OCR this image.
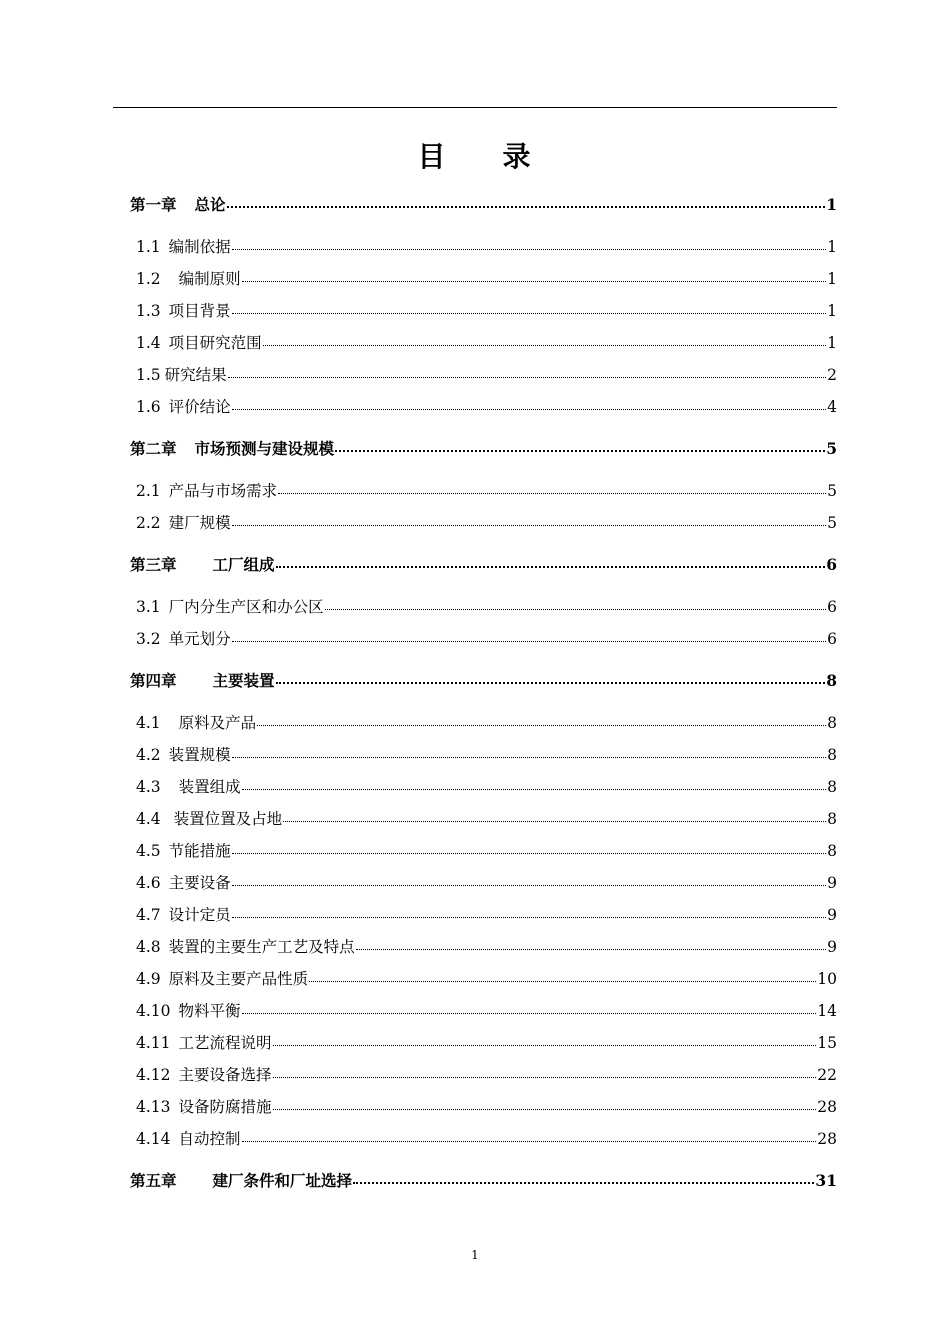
目 录
第一章 总论	1
1.1 编制依据	1
1.2 编制原则	1
1.3 项目背景	1
1.4 项目研究范围	1
1.5 研究结果	2
1.6 评价结论	4
第二章 市场预测与建设规模	5
2.1 产品与市场需求	5
2.2 建厂规模	5
第三章 工厂组成	6
3.1 厂内分生产区和办公区	6
3.2 单元划分	6
第四章 主要装置	8
4.1 原料及产品	8
4.2 装置规模	8
4.3 装置组成	8
4.4 装置位置及占地	8
4.5 节能措施	8
4.6 主要设备	9
4.7 设计定员	9
4.8 装置的主要生产工艺及特点	9
4.9 原料及主要产品性质	10
4.10 物料平衡	14
4.11 工艺流程说明	15
4.12 主要设备选择	22
4.13 设备防腐措施	28
4.14 自动控制	28
第五章 建厂条件和厂址选择	31
1
